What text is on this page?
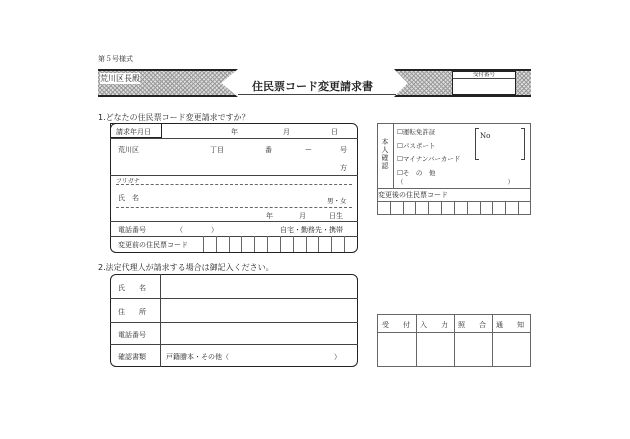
第５号様式
荒川区長殿
住民票コード変更請求書
受付番号
1.どなたの住民票コード変更請求ですか？
請求年月日	年	月	日
荒川区	丁目	番	ー	号
方
フリガナ
氏　名	男・女
年	月	日生
電話番号	（　　　　）	自宅・勤務先・携帯
変更前の住民票コード
本人確認
☐運転免許証
☐パスポート
☐マイナンバーカード
☐そ　の　他
（　　　　　　　　　　　　　　　　）
No
変更後の住民票コード
2.法定代理人が請求する場合は御記入ください。
氏　　名
住　　所
電話番号
確認書類	戸籍謄本・その他（　　　　　　　　　　　　　　　）
受　　付 入　　力 照　　合 通　　知
